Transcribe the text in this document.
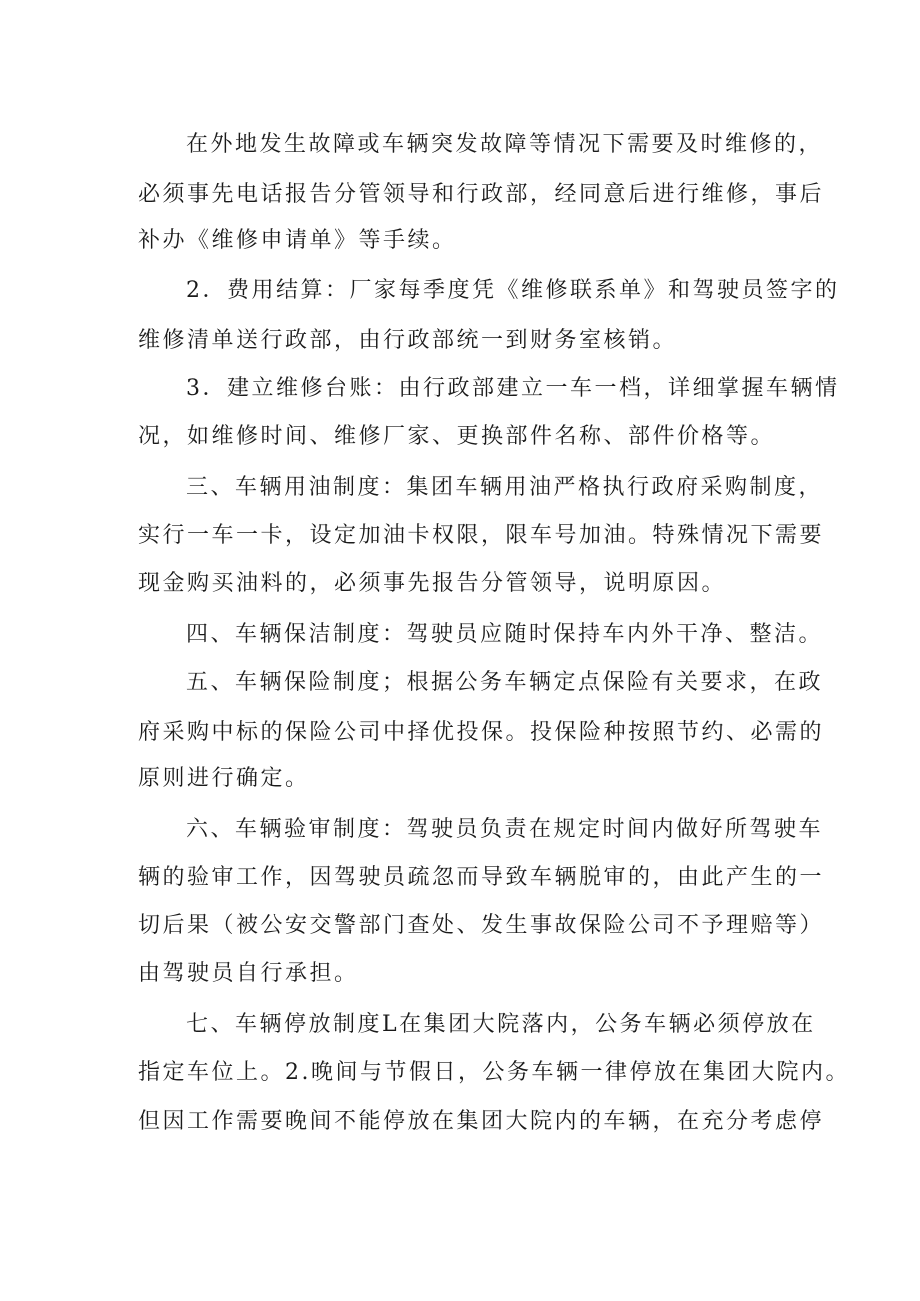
在外地发生故障或车辆突发故障等情况下需要及时维修的，
必须事先电话报告分管领导和行政部，经同意后进行维修，事后
补办《维修申请单》等手续。
2．费用结算：厂家每季度凭《维修联系单》和驾驶员签字的
维修清单送行政部，由行政部统一到财务室核销。
3．建立维修台账：由行政部建立一车一档，详细掌握车辆情
况，如维修时间、维修厂家、更换部件名称、部件价格等。
三、车辆用油制度：集团车辆用油严格执行政府采购制度，
实行一车一卡，设定加油卡权限，限车号加油。特殊情况下需要
现金购买油料的，必须事先报告分管领导，说明原因。
四、车辆保洁制度：驾驶员应随时保持车内外干净、整洁。
五、车辆保险制度；根据公务车辆定点保险有关要求，在政
府采购中标的保险公司中择优投保。投保险种按照节约、必需的
原则进行确定。
六、车辆验审制度：驾驶员负责在规定时间内做好所驾驶车
辆的验审工作，因驾驶员疏忽而导致车辆脱审的，由此产生的一
切后果（被公安交警部门查处、发生事故保险公司不予理赔等）
由驾驶员自行承担。
七、车辆停放制度L在集团大院落内，公务车辆必须停放在
指定车位上。2.晚间与节假日，公务车辆一律停放在集团大院内。
但因工作需要晚间不能停放在集团大院内的车辆，在充分考虑停
